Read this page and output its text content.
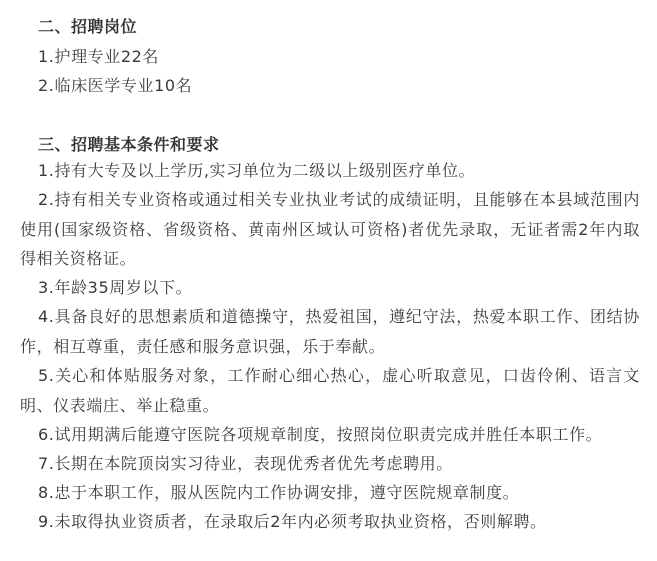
二、招聘岗位
1.护理专业22名
2.临床医学专业10名
三、招聘基本条件和要求
1.持有大专及以上学历,实习单位为二级以上级别医疗单位。
2.持有相关专业资格或通过相关专业执业考试的成绩证明，且能够在本县域范围内使用(国家级资格、省级资格、黄南州区域认可资格)者优先录取，无证者需2年内取得相关资格证。
3.年龄35周岁以下。
4.具备良好的思想素质和道德操守，热爱祖国，遵纪守法，热爱本职工作、团结协作，相互尊重，责任感和服务意识强，乐于奉献。
5.关心和体贴服务对象，工作耐心细心热心，虚心听取意见，口齿伶俐、语言文明、仪表端庄、举止稳重。
6.试用期满后能遵守医院各项规章制度，按照岗位职责完成并胜任本职工作。
7.长期在本院顶岗实习待业，表现优秀者优先考虑聘用。
8.忠于本职工作，服从医院内工作协调安排，遵守医院规章制度。
9.未取得执业资质者，在录取后2年内必须考取执业资格，否则解聘。
